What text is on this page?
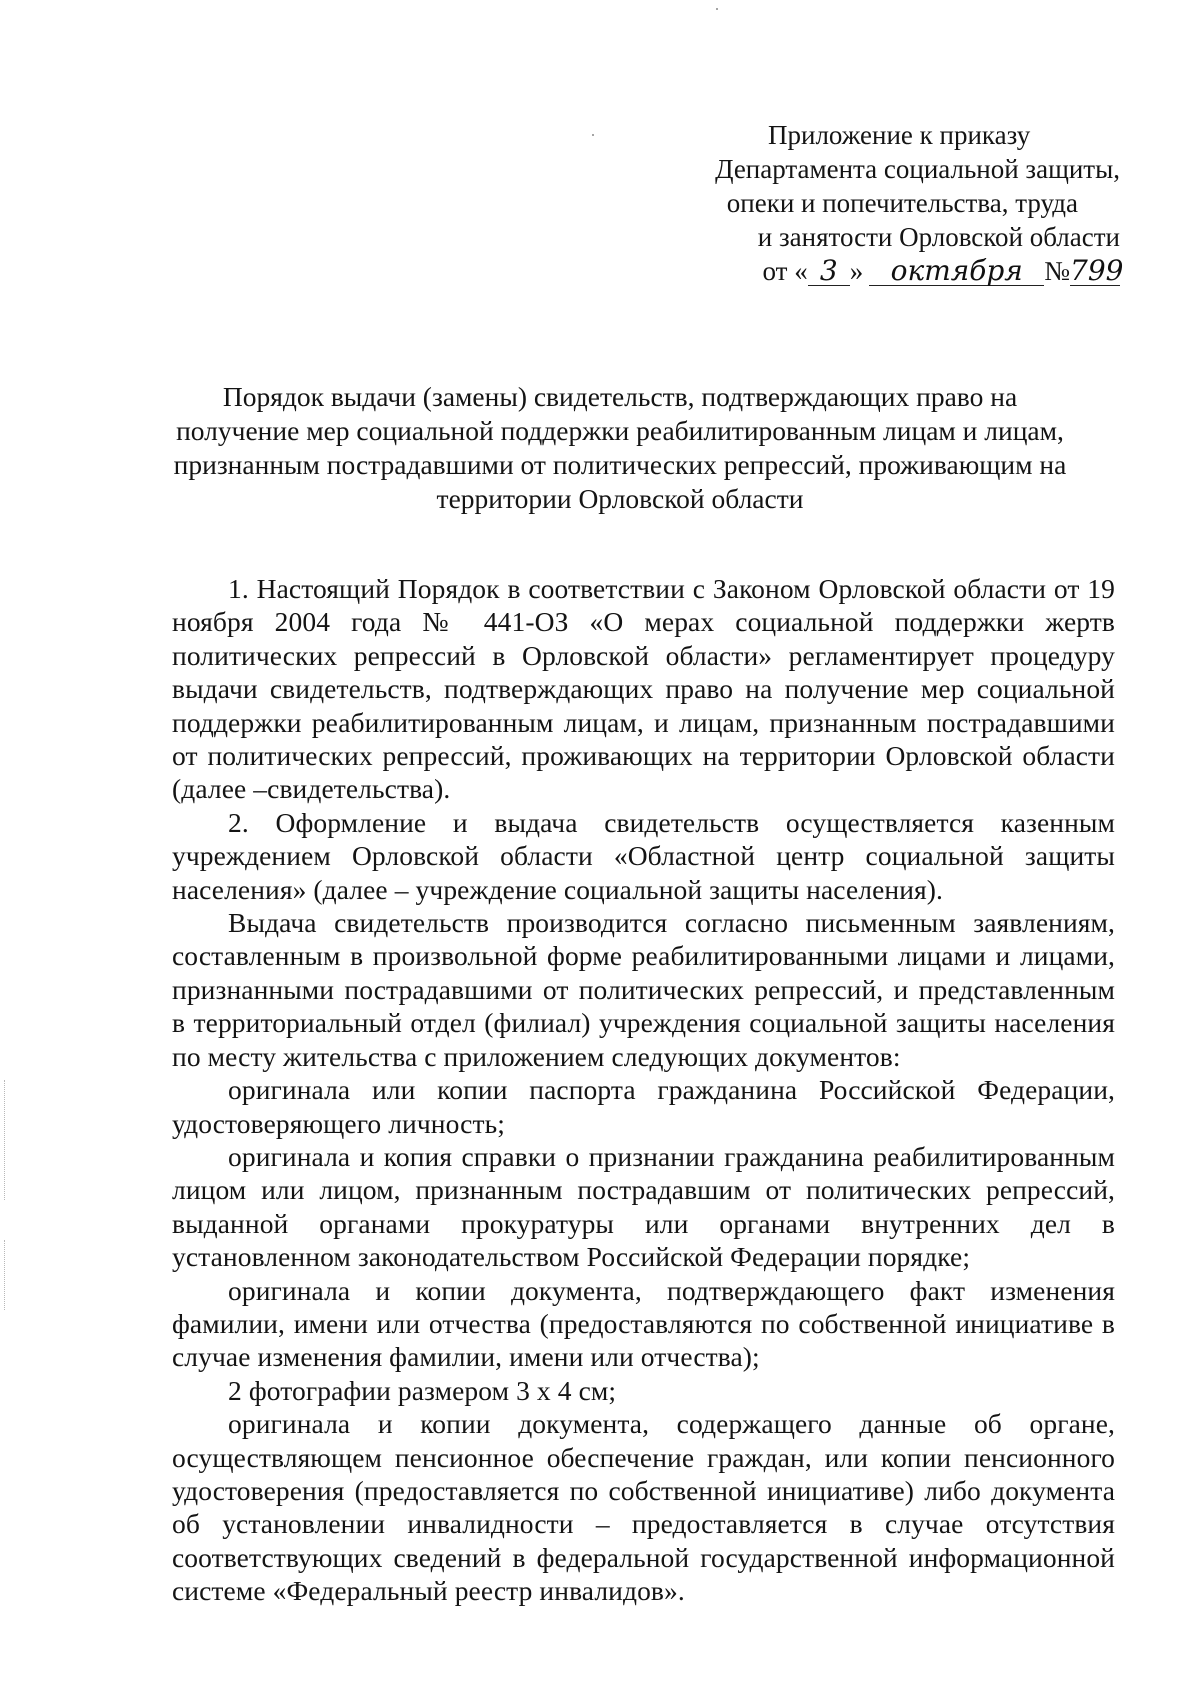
Приложение к приказу
Департамента социальной защиты,
опеки и попечительства, труда
и занятости Орловской области
от « 3 » октября №799
Порядок выдачи (замены) свидетельств, подтверждающих право на
получение мер социальной поддержки реабилитированным лицам и лицам,
признанным пострадавшими от политических репрессий, проживающим на
территории Орловской области

1. Настоящий Порядок в соответствии с Законом Орловской области от 19 ноября 2004 года № 441-ОЗ «О мерах социальной поддержки жертв политических репрессий в Орловской области» регламентирует процедуру выдачи свидетельств, подтверждающих право на получение мер социальной поддержки реабилитированным лицам, и лицам, признанным пострадавшими от политических репрессий, проживающих на территории Орловской области (далее –свидетельства).

2. Оформление и выдача свидетельств осуществляется казенным учреждением Орловской области «Областной центр социальной защиты населения» (далее – учреждение социальной защиты населения).

Выдача свидетельств производится согласно письменным заявлениям, составленным в произвольной форме реабилитированными лицами и лицами, признанными пострадавшими от политических репрессий, и представленным в территориальный отдел (филиал) учреждения социальной защиты населения по месту жительства с приложением следующих документов:

оригинала или копии паспорта гражданина Российской Федерации, удостоверяющего личность;

оригинала и копия справки о признании гражданина реабилитированным лицом или лицом, признанным пострадавшим от политических репрессий, выданной органами прокуратуры или органами внутренних дел в установленном законодательством Российской Федерации порядке;

оригинала и копии документа, подтверждающего факт изменения фамилии, имени или отчества (предоставляются по собственной инициативе в случае изменения фамилии, имени или отчества);

2 фотографии размером 3 х 4 см;

оригинала и копии документа, содержащего данные об органе, осуществляющем пенсионное обеспечение граждан, или копии пенсионного удостоверения (предоставляется по собственной инициативе) либо документа об установлении инвалидности – предоставляется в случае отсутствия соответствующих сведений в федеральной государственной информационной системе «Федеральный реестр инвалидов».
